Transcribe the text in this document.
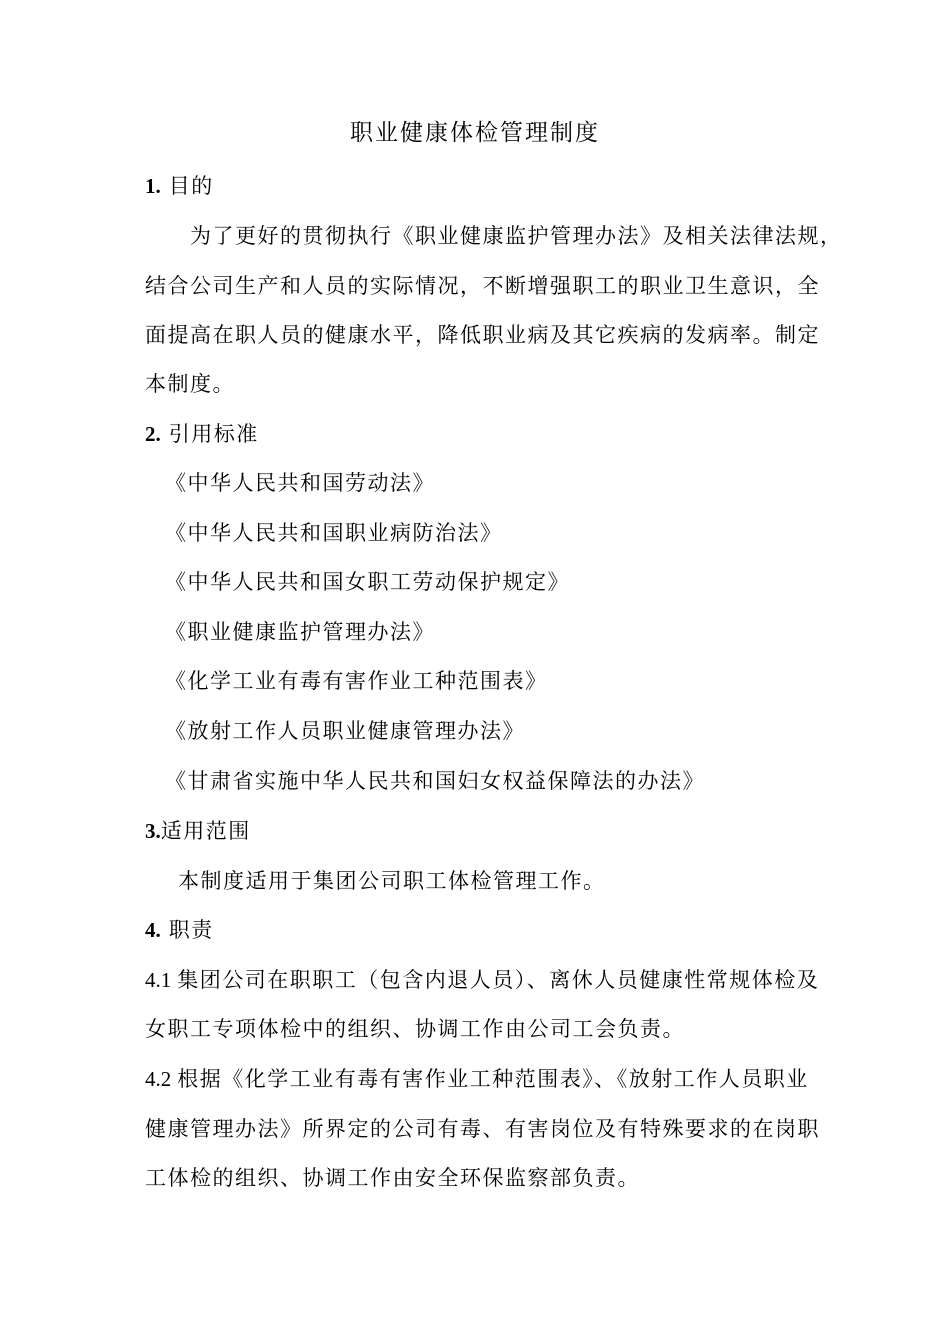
职业健康体检管理制度
1. 目的
为了更好的贯彻执行《职业健康监护管理办法》及相关法律法规，
结合公司生产和人员的实际情况，不断增强职工的职业卫生意识，全
面提高在职人员的健康水平，降低职业病及其它疾病的发病率。制定
本制度。
2. 引用标准
《中华人民共和国劳动法》
《中华人民共和国职业病防治法》
《中华人民共和国女职工劳动保护规定》
《职业健康监护管理办法》
《化学工业有毒有害作业工种范围表》
《放射工作人员职业健康管理办法》
《甘肃省实施中华人民共和国妇女权益保障法的办法》
3.适用范围
本制度适用于集团公司职工体检管理工作。
4. 职责
4.1 集团公司在职职工（包含内退人员）、离休人员健康性常规体检及
女职工专项体检中的组织、协调工作由公司工会负责。
4.2 根据《化学工业有毒有害作业工种范围表》、《放射工作人员职业
健康管理办法》所界定的公司有毒、有害岗位及有特殊要求的在岗职
工体检的组织、协调工作由安全环保监察部负责。
